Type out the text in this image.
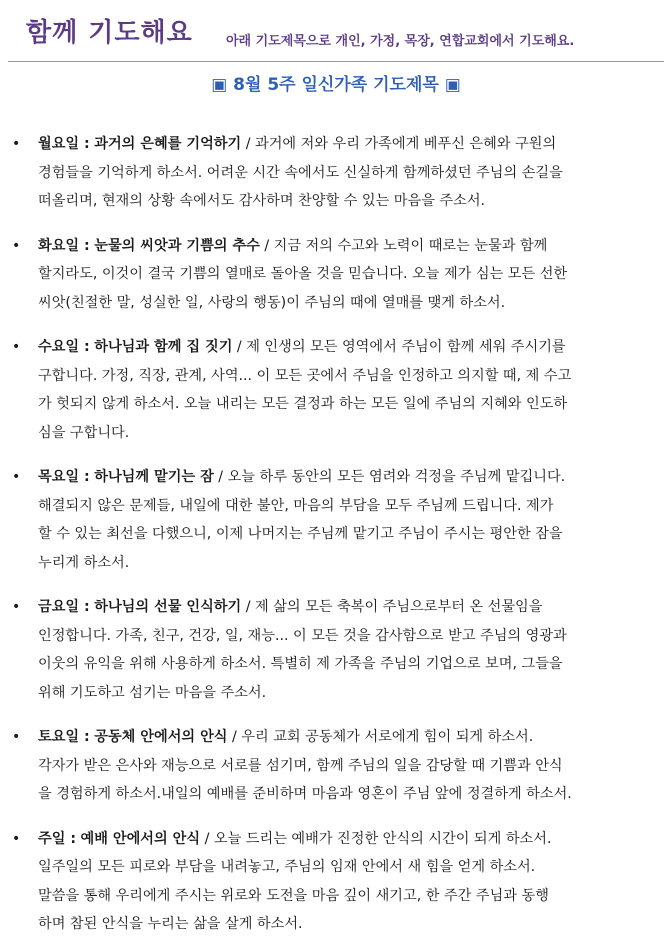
함께 기도해요	아래 기도제목으로 개인, 가정, 목장, 연합교회에서 기도해요.
▣ 8월 5주 일신가족 기도제목 ▣
• 월요일 : 과거의 은혜를 기억하기 / 과거에 저와 우리 가족에게 베푸신 은혜와 구원의
경험들을 기억하게 하소서. 어려운 시간 속에서도 신실하게 함께하셨던 주님의 손길을
떠올리며, 현재의 상황 속에서도 감사하며 찬양할 수 있는 마음을 주소서.
• 화요일 : 눈물의 씨앗과 기쁨의 추수 / 지금 저의 수고와 노력이 때로는 눈물과 함께
할지라도, 이것이 결국 기쁨의 열매로 돌아올 것을 믿습니다. 오늘 제가 심는 모든 선한
씨앗(친절한 말, 성실한 일, 사랑의 행동)이 주님의 때에 열매를 맺게 하소서.
• 수요일 : 하나님과 함께 집 짓기 / 제 인생의 모든 영역에서 주님이 함께 세워 주시기를
구합니다. 가정, 직장, 관계, 사역... 이 모든 곳에서 주님을 인정하고 의지할 때, 제 수고
가 헛되지 않게 하소서. 오늘 내리는 모든 결정과 하는 모든 일에 주님의 지혜와 인도하
심을 구합니다.
• 목요일 : 하나님께 맡기는 잠 / 오늘 하루 동안의 모든 염려와 걱정을 주님께 맡깁니다.
해결되지 않은 문제들, 내일에 대한 불안, 마음의 부담을 모두 주님께 드립니다. 제가
할 수 있는 최선을 다했으니, 이제 나머지는 주님께 맡기고 주님이 주시는 평안한 잠을
누리게 하소서.
• 금요일 : 하나님의 선물 인식하기 / 제 삶의 모든 축복이 주님으로부터 온 선물임을
인정합니다. 가족, 친구, 건강, 일, 재능... 이 모든 것을 감사함으로 받고 주님의 영광과
이웃의 유익을 위해 사용하게 하소서. 특별히 제 가족을 주님의 기업으로 보며, 그들을
위해 기도하고 섬기는 마음을 주소서.
• 토요일 : 공동체 안에서의 안식 / 우리 교회 공동체가 서로에게 힘이 되게 하소서.
각자가 받은 은사와 재능으로 서로를 섬기며, 함께 주님의 일을 감당할 때 기쁨과 안식
을 경험하게 하소서.내일의 예배를 준비하며 마음과 영혼이 주님 앞에 정결하게 하소서.
• 주일 : 예배 안에서의 안식 / 오늘 드리는 예배가 진정한 안식의 시간이 되게 하소서.
일주일의 모든 피로와 부담을 내려놓고, 주님의 임재 안에서 새 힘을 얻게 하소서.
말씀을 통해 우리에게 주시는 위로와 도전을 마음 깊이 새기고, 한 주간 주님과 동행
하며 참된 안식을 누리는 삶을 살게 하소서.
